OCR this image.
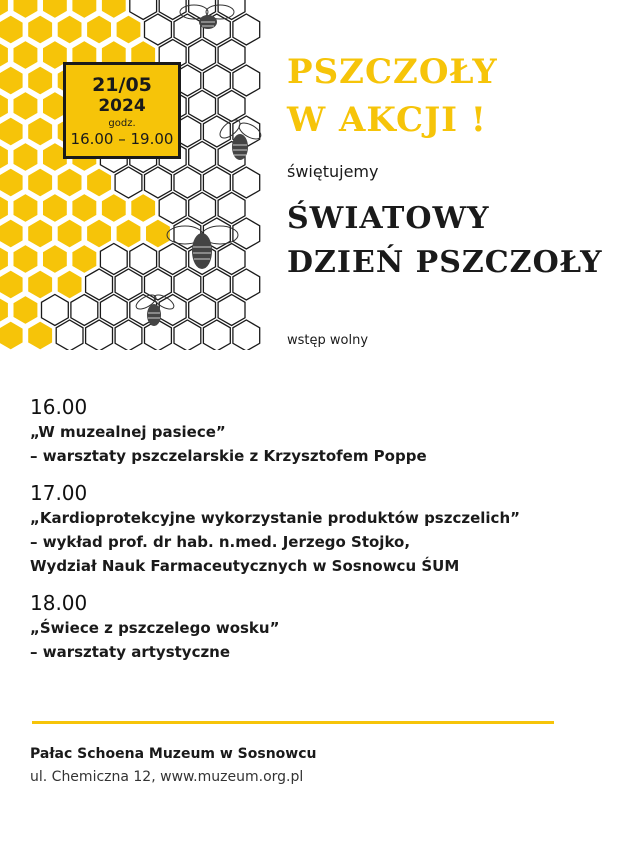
21/05
2024
godz.
16.00 – 19.00
PSZCZOŁY
W AKCJI !
świętujemy
ŚWIATOWY
DZIEŃ PSZCZOŁY
wstęp wolny
16.00
„W muzealnej pasiece”
– warsztaty pszczelarskie z Krzysztofem Poppe
17.00
„Kardioprotekcyjne wykorzystanie produktów pszczelich”
– wykład prof. dr hab. n.med. Jerzego Stojko,
Wydział Nauk Farmaceutycznych w Sosnowcu ŚUM
18.00
„Świece z pszczelego wosku”
– warsztaty artystyczne
Pałac Schoena Muzeum w Sosnowcu
ul. Chemiczna 12, www.muzeum.org.pl
